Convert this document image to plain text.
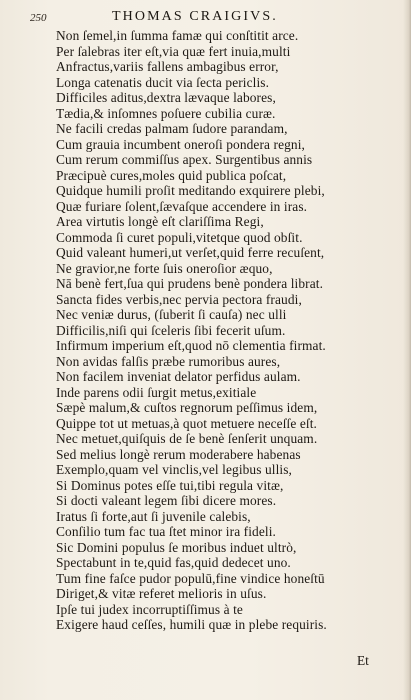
250	THOMAS CRAIGIVS.
Non ſemel,in ſumma famæ qui conſtitit arce.
Per ſalebras iter eſt,via quæ fert inuia,multi
Anfractus,variis fallens ambagibus error,
Longa catenatis ducit via ſecta periclis.
Difficiles aditus,dextra lævaque labores,
Tædia,& inſomnes poſuere cubilia curæ.
Ne facili credas palmam ſudore parandam,
Cum grauia incumbent oneroſi pondera regni,
Cum rerum commiſſus apex. Surgentibus annis
Præcipuè cures,moles quid publica poſcat,
Quidque humili proſit meditando exquirere plebi,
Quæ furiare ſolent,ſævaſque accendere in iras.
Area virtutis longè eſt clariſſima Regi,
Commoda ſi curet populi,vitetque quod obſit.
Quid valeant humeri,ut verſet,quid ferre recuſent,
Ne gravior,ne forte ſuis oneroſior æquo,
Nā benè fert,ſua qui prudens benè pondera librat.
Sancta fides verbis,nec pervia pectora fraudi,
Nec veniæ durus, (ſuberit ſi cauſa) nec ulli
Difficilis,niſi qui ſceleris ſibi fecerit uſum.
Infirmum imperium eſt,quod nō clementia firmat.
Non avidas falſis præbe rumoribus aures,
Non facilem inveniat delator perfidus aulam.
Inde parens odii ſurgit metus,exitiale
Sæpè malum,& cuſtos regnorum peſſimus idem,
Quippe tot ut metuas,à quot metuere neceſſe eſt.
Nec metuet,quiſquis de ſe benè ſenſerit unquam.
Sed melius longè rerum moderabere habenas
Exemplo,quam vel vinclis,vel legibus ullis,
Si Dominus potes eſſe tui,tibi regula vitæ,
Si docti valeant legem ſibi dicere mores.
Iratus ſi forte,aut ſi juvenile calebis,
Conſilio tum fac tua ſtet minor ira fideli.
Sic Domini populus ſe moribus induet ultrò,
Spectabunt in te,quid fas,quid dedecet uno.
Tum fine faſce pudor populū,fine vindice honeſtū
Diriget,& vitæ referet melioris in uſus.
Ipſe tui judex incorruptiſſimus à te
Exigere haud ceſſes, humili quæ in plebe requiris.
Et
